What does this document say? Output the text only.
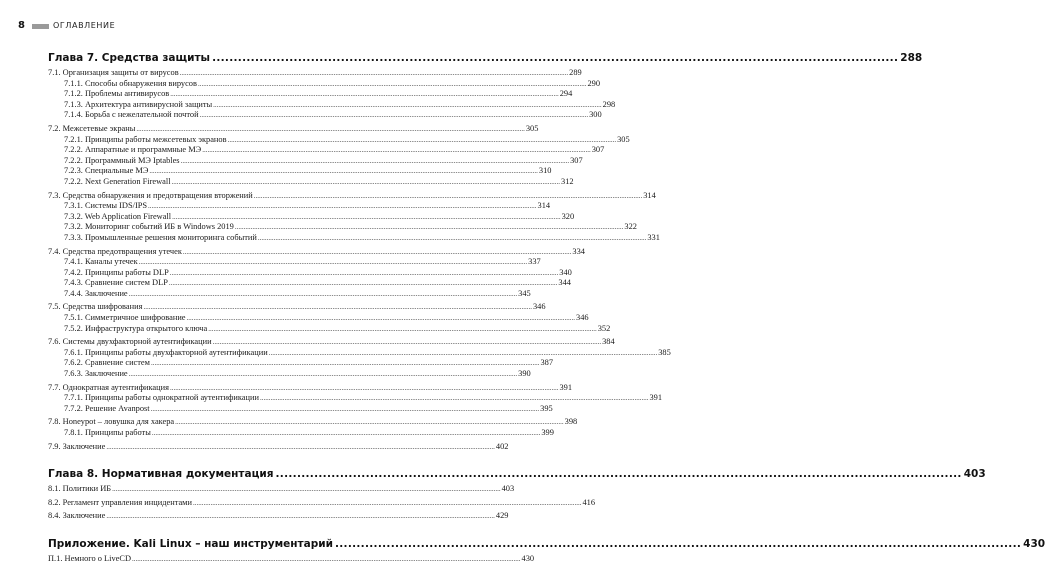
8	ОГЛАВЛЕНИЕ
Глава 7. Средства защиты .....	288
7.1. Организация защиты от вирусов .....	289
7.1.1. Способы обнаружения вирусов .....	290
7.1.2. Проблемы антивирусов .....	294
7.1.3. Архитектура антивирусной защиты .....	298
7.1.4. Борьба с нежелательной почтой .....	300
7.2. Межсетевые экраны .....	305
7.2.1. Принципы работы межсетевых экранов .....	305
7.2.2. Аппаратные и программные МЭ .....	307
7.2.2. Программный МЭ Iptables .....	307
7.2.3. Специальные МЭ .....	310
7.2.2. Next Generation Firewall .....	312
7.3. Средства обнаружения и предотвращения вторжений .....	314
7.3.1. Системы IDS/IPS .....	314
7.3.2. Web Application Firewall .....	320
7.3.2. Мониторинг событий ИБ в Windows 2019 .....	322
7.3.3. Промышленные решения мониторинга событий .....	331
7.4. Средства предотвращения утечек .....	334
7.4.1. Каналы утечек .....	337
7.4.2. Принципы работы DLP .....	340
7.4.3. Сравнение систем DLP .....	344
7.4.4. Заключение .....	345
7.5. Средства шифрования .....	346
7.5.1. Симметричное шифрование .....	346
7.5.2. Инфраструктура открытого ключа .....	352
7.6. Системы двухфакторной аутентификации .....	384
7.6.1. Принципы работы двухфакторной аутентификации .....	385
7.6.2. Сравнение систем .....	387
7.6.3. Заключение .....	390
7.7. Однократная аутентификация .....	391
7.7.1. Принципы работы однократной аутентификации .....	391
7.7.2. Решение Avanpost .....	395
7.8. Honeypot – ловушка для хакера .....	398
7.8.1. Принципы работы .....	399
7.9. Заключение .....	402
Глава 8. Нормативная документация .....	403
8.1. Политики ИБ .....	403
8.2. Регламент управления инцидентами .....	416
8.4. Заключение .....	429
Приложение. Kali Linux – наш инструментарий .....	430
П.1. Немного о LiveCD .....	430
